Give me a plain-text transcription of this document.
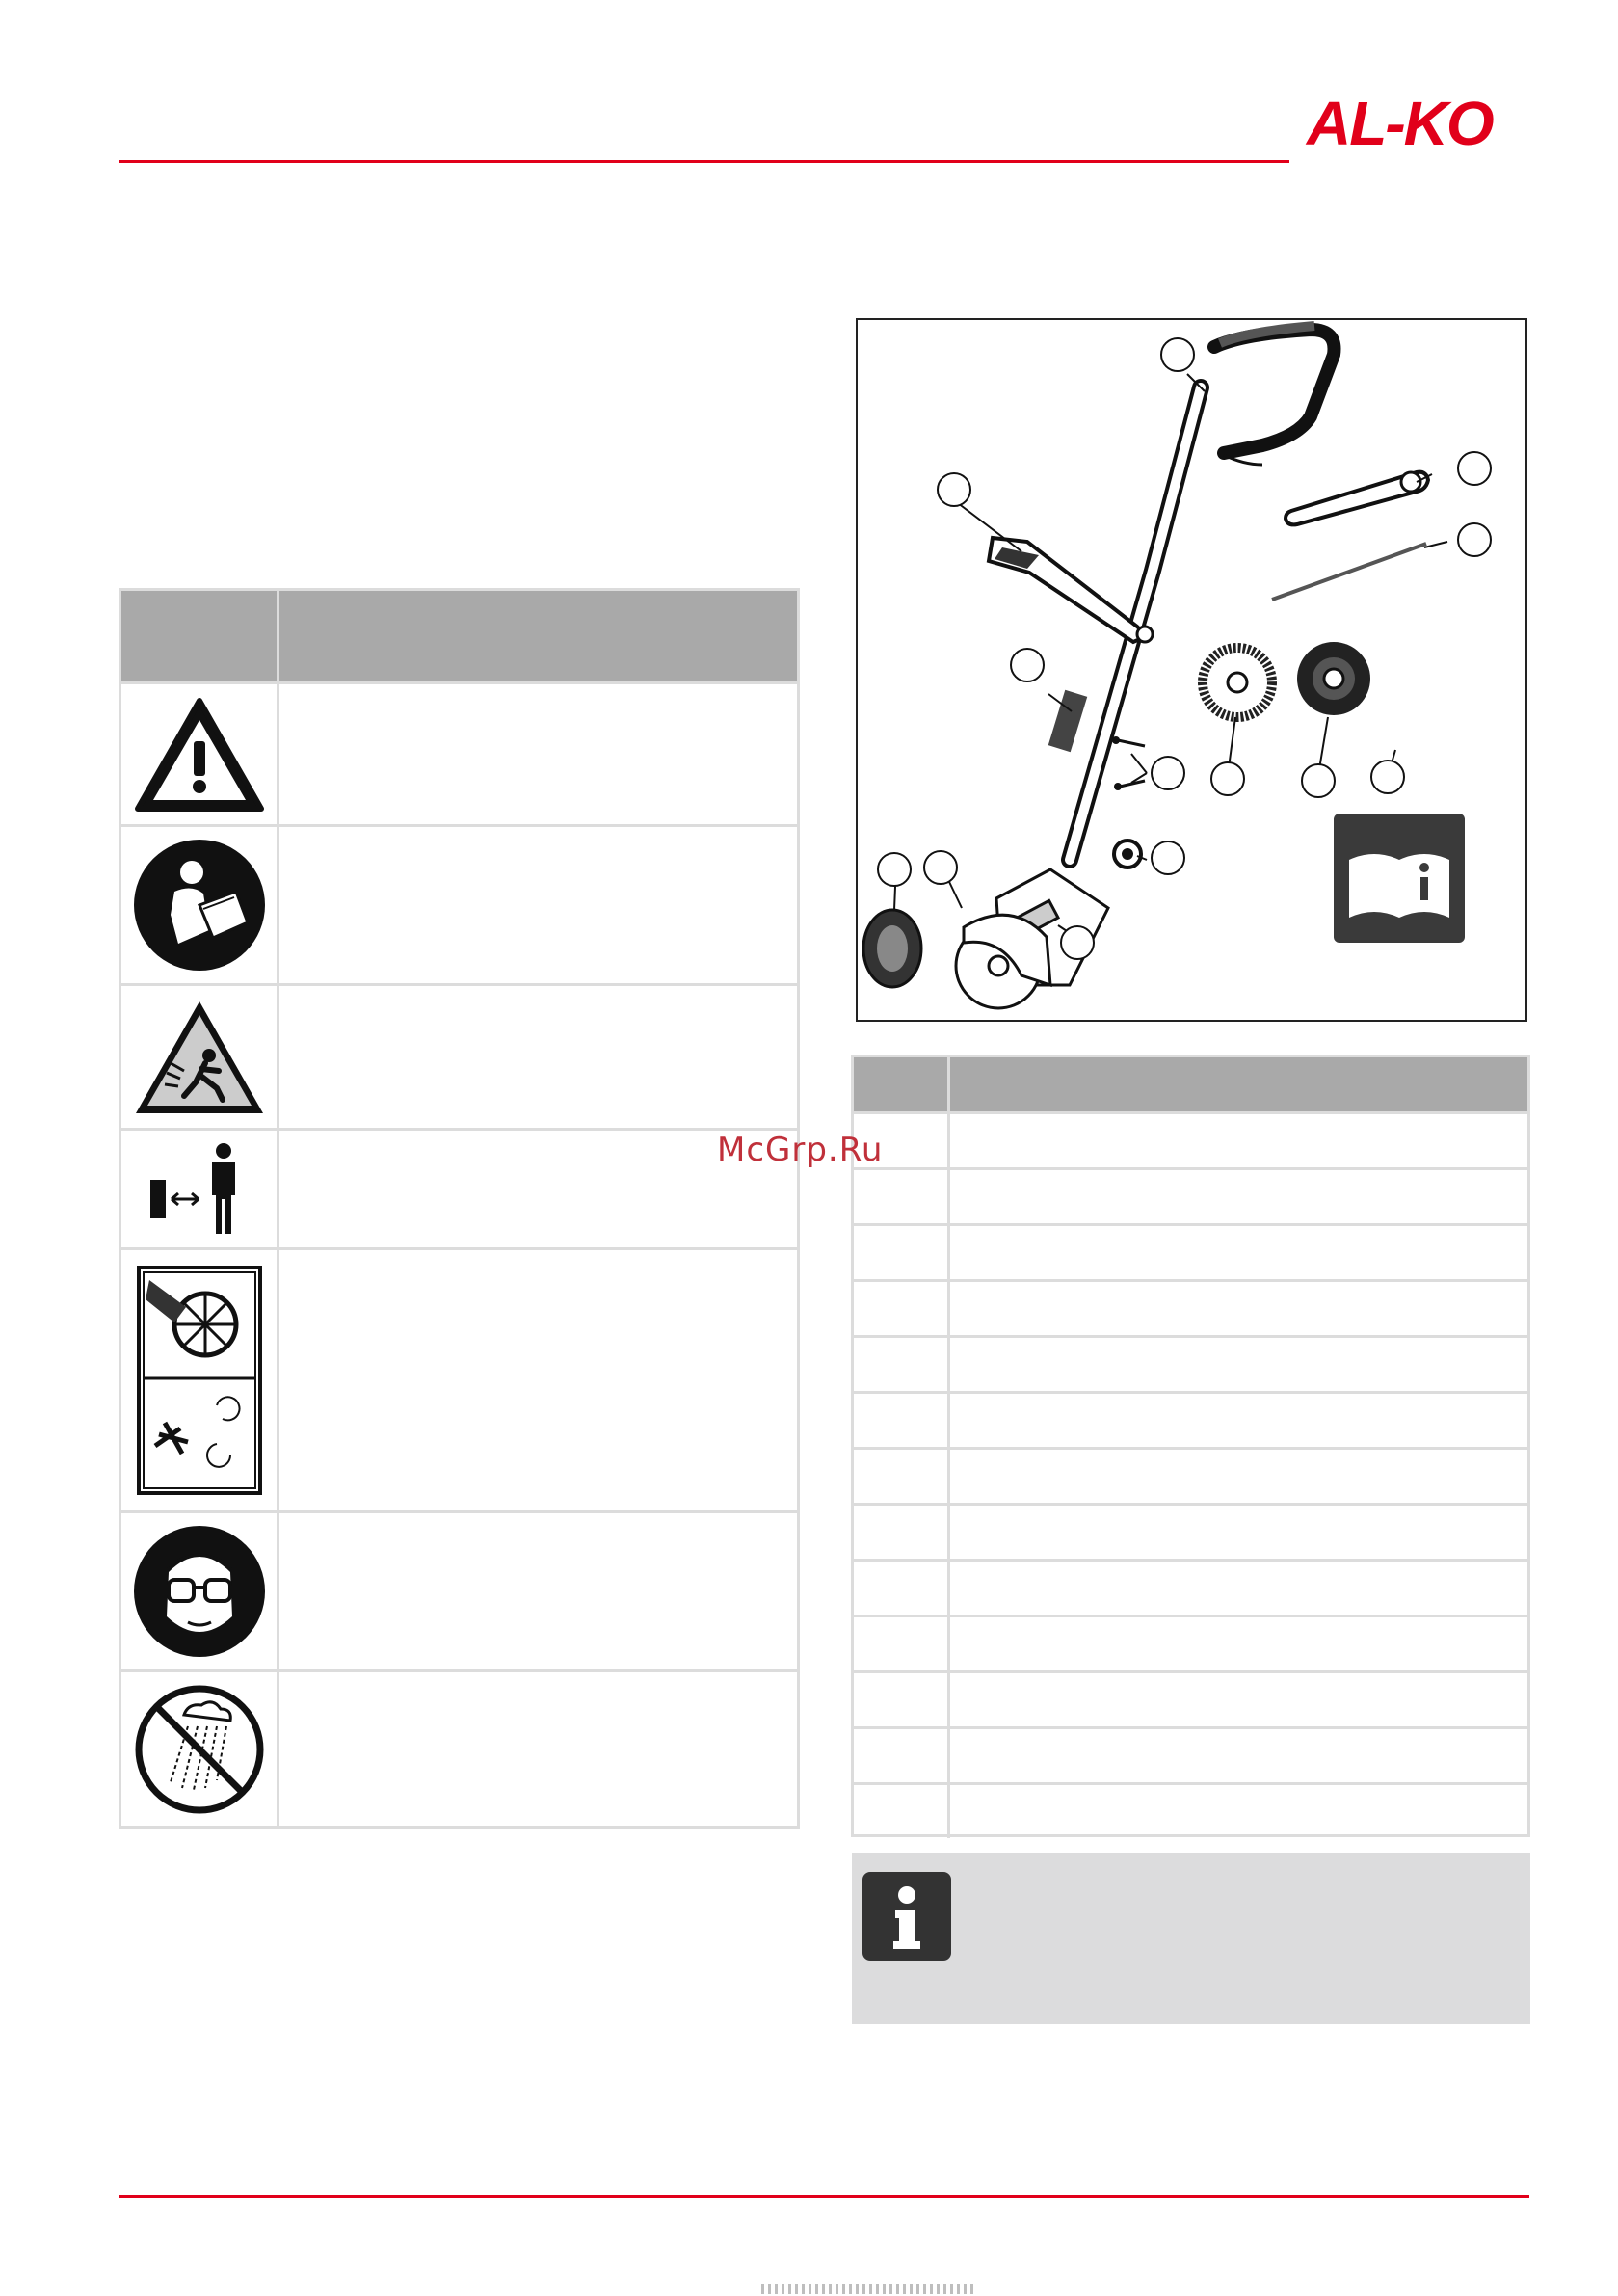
AL-KO
McGrp.Ru
